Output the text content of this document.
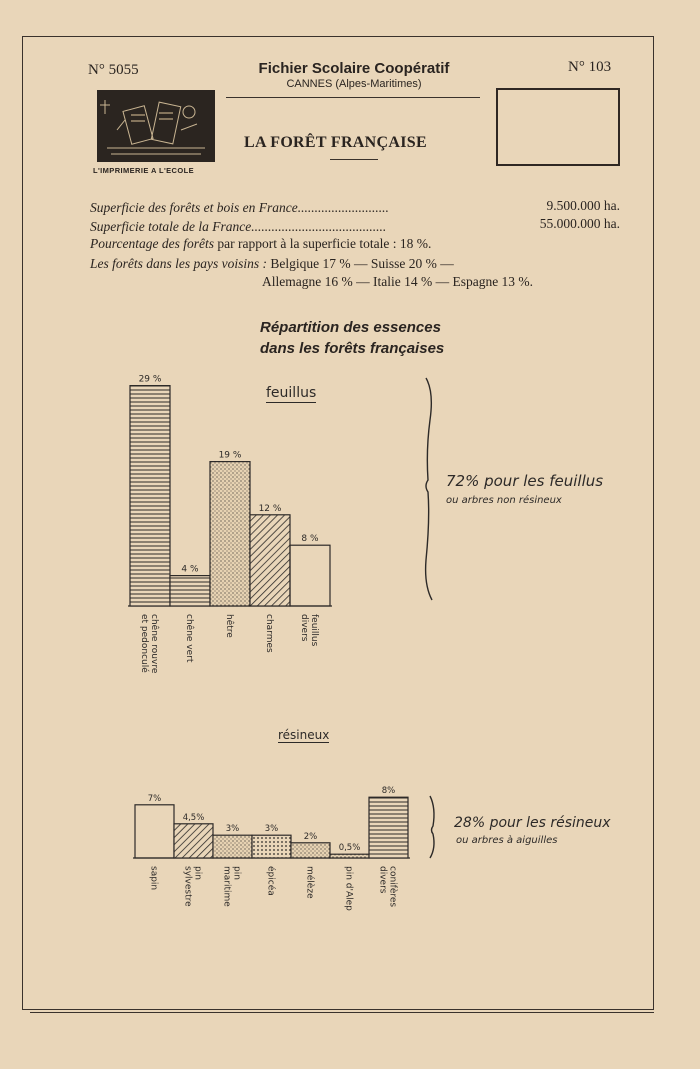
N° 5055	Fichier Scolaire Coopératif
CANNES (Alpes-Maritimes)
N° 103
L'IMPRIMERIE A L'ECOLE
LA FORÊT FRANÇAISE
Superficie des forêts et bois en France...........................	9.500.000 ha.
Superficie totale de la France........................................	55.000.000 ha.
Pourcentage des forêts par rapport à la superficie totale : 18 %.
Les forêts dans les pays voisins : Belgique 17 % — Suisse 20 % —
Allemagne 16 % — Italie 14 % — Espagne 13 %.
Répartition des essences
dans les forêts françaises
feuillus
résineux
72% pour les feuillus
ou arbres non résineux
28% pour les résineux
ou arbres à aiguilles
29 %
chêne rouvreet pedonculé
4 %
chêne vert
19 %
hêtre
12 %
charmes
8 %
feuillusdivers
7%
sapin
4,5%
pinsylvestre
3%
pinmaritime
3%
épicéa
2%
mélèze
0,5%
pin d'Alep
8%
conifèresdivers
